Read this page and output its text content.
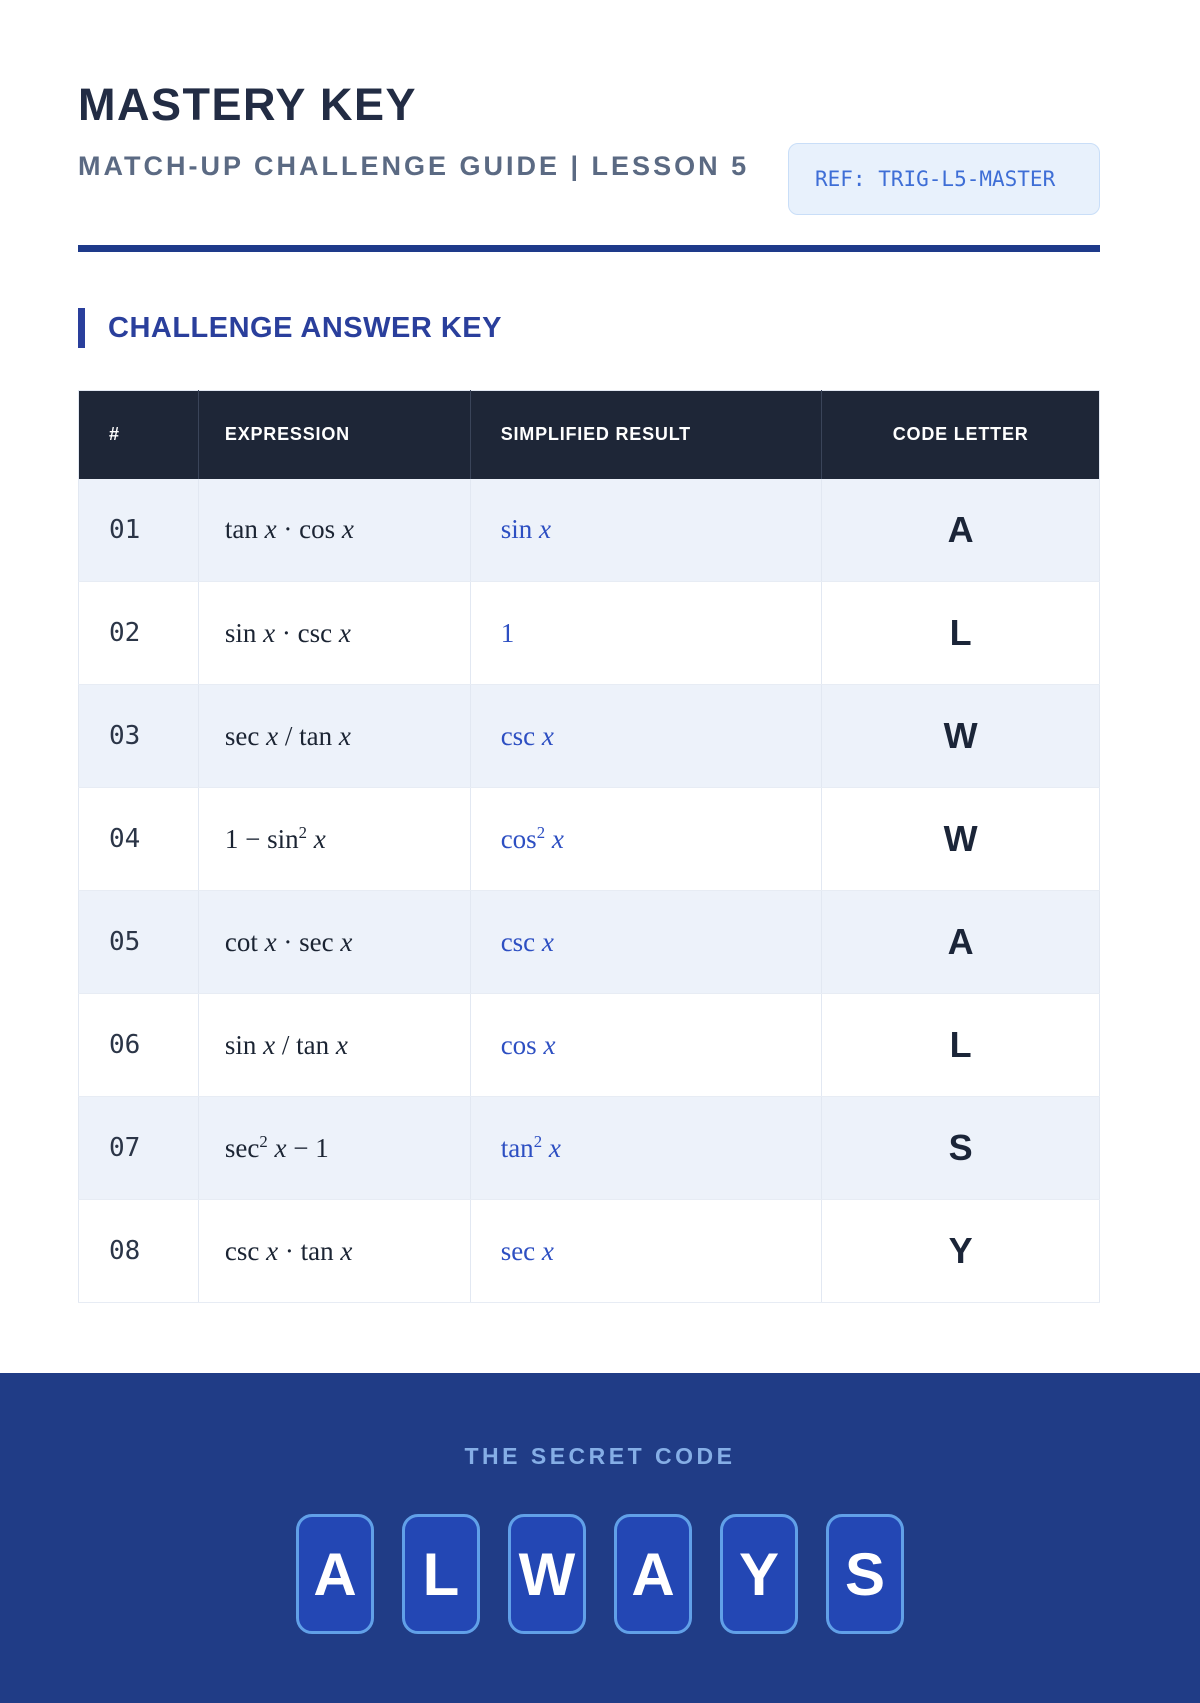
MASTERY KEY
MATCH-UP CHALLENGE GUIDE | LESSON 5	REF: TRIG-L5-MASTER
CHALLENGE ANSWER KEY
#	EXPRESSION	SIMPLIFIED RESULT	CODE LETTER
01	tan x · cos x	sin x	A
02	sin x · csc x	1	L
03	sec x / tan x	csc x	W
04	$1 - \sin^2 x$	$\cos^2 x$	W
05	cot x · sec x	csc x	A
06	sin x / tan x	cos x	L
07	$\sec^2 x - 1$	$\tan^2 x$	S
08	csc x · tan x	sec x	Y
THE SECRET CODE
A	L W A	Y	S
